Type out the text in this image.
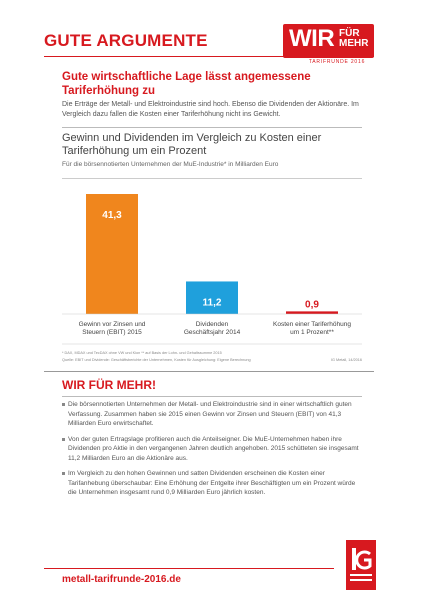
GUTE ARGUMENTE	WIR FÜR
MEHR
TARIFRUNDE 2016
Gute wirtschaftliche Lage lässt angemessene Tariferhöhung zu
Die Erträge der Metall- und Elektroindustrie sind hoch. Ebenso die Dividenden der Aktionäre. Im Vergleich dazu fallen die Kosten einer Tariferhöhung nicht ins Gewicht.
Gewinn und Dividenden im Vergleich zu Kosten einer Tariferhöhung um ein Prozent
Für die börsennotierten Unternehmen der MuE-Industrie* in Milliarden Euro
41,3
Gewinn vor Zinsen und
Steuern (EBIT) 2015
11,2
Dividenden
Geschäftsjahr 2014
0,9
Kosten einer Tariferhöhung
um 1 Prozent**
* DAX, MDAX und TecDAX ohne VW und Kion ** auf Basis der Lohn- und Gehaltssumme 2015
Quelle: EBIT und Dividende: Geschäftsberichte der Unternehmen, Kosten für Ausgleichung: Eigene Berechnung	IG Metall, 14/2016
WIR FÜR MEHR!
Die börsennotierten Unternehmen der Metall- und Elektroindustrie sind in einer wirtschaftlich guten Verfassung. Zusammen haben sie 2015 einen Gewinn vor Zinsen und Steuern (EBIT) von 41,3 Milliarden Euro erwirtschaftet.
Von der guten Ertragslage profitieren auch die Anteilseigner. Die MuE-Unternehmen haben ihre Dividenden pro Aktie in den vergangenen Jahren deutlich angehoben. 2015 schütteten sie insgesamt 11,2 Milliarden Euro an die Aktionäre aus.
Im Vergleich zu den hohen Gewinnen und satten Dividenden erscheinen die Kosten einer Tarifanhebung überschaubar: Eine Erhöhung der Entgelte ihrer Beschäftigten um ein Prozent würde die Unternehmen insgesamt rund 0,9 Milliarden Euro jährlich kosten.
metall-tarifrunde-2016.de
